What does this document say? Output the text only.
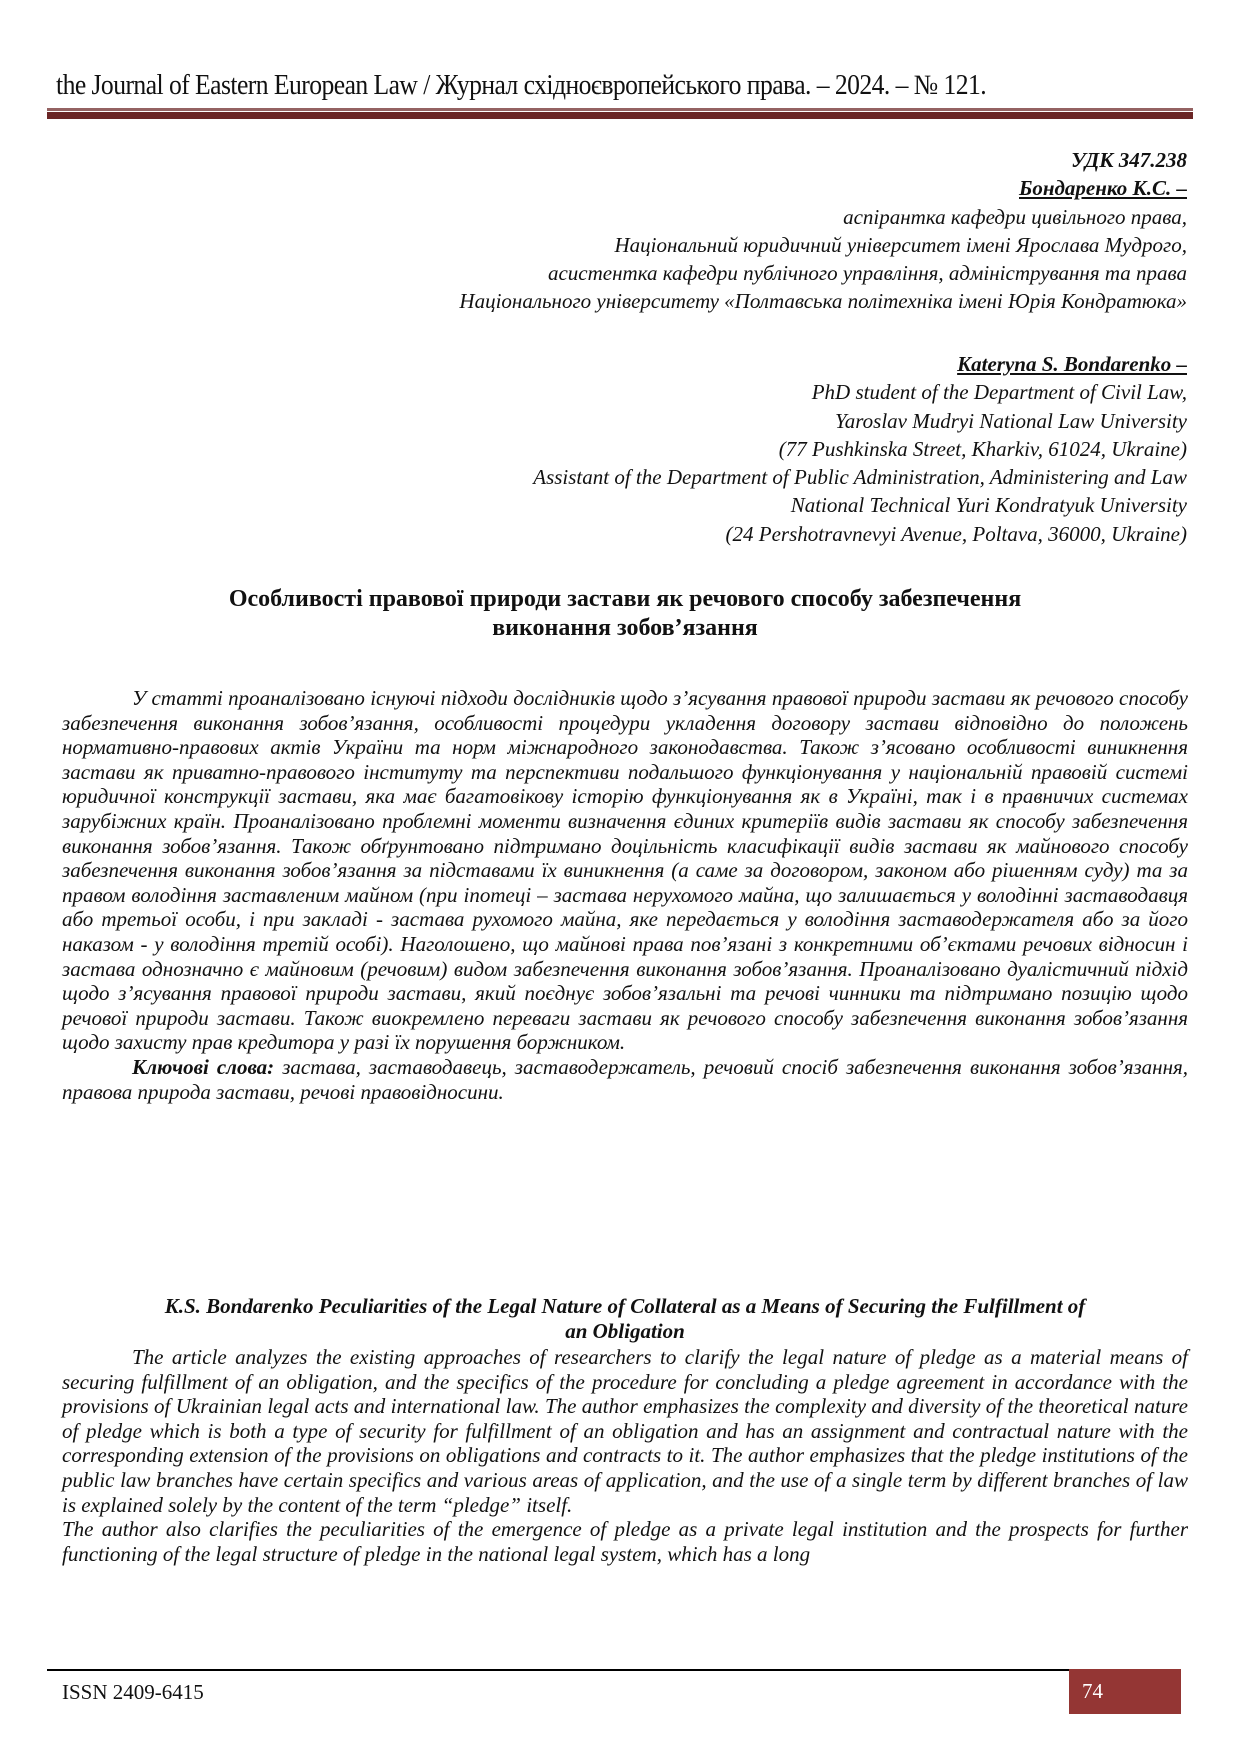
the Journal of Eastern European Law / Журнал східноєвропейського права. – 2024. – № 121.
УДК 347.238
Бондаренко К.С. –
аспірантка кафедри цивільного права,
Національний юридичний університет імені Ярослава Мудрого,
асистентка кафедри публічного управління, адміністрування та права
Національного університету «Полтавська політехніка імені Юрія Кондратюка»
Kateryna S. Bondarenko –
PhD student of the Department of Civil Law,
Yaroslav Mudryi National Law University
(77 Pushkinska Street, Kharkiv, 61024, Ukraine)
Assistant of the Department of Public Administration, Administering and Law
National Technical Yuri Kondratyuk University
(24 Pershotravnevyi Avenue, Poltava, 36000, Ukraine)
Особливості правової природи застави як речового способу забезпечення
виконання зобов’язання

У статті проаналізовано існуючі підходи дослідників щодо з’ясування правової природи застави як речового способу забезпечення виконання зобов’язання, особливості процедури укладення договору застави відповідно до положень нормативно-правових актів України та норм міжнародного законодавства. Також з’ясовано особливості виникнення застави як приватно-правового інституту та перспективи подальшого функціонування у національній правовій системі юридичної конструкції застави, яка має багатовікову історію функціонування як в Україні, так і в правничих системах зарубіжних країн. Проаналізовано проблемні моменти визначення єдиних критеріїв видів застави як способу забезпечення виконання зобов’язання. Також обґрунтовано підтримано доцільність класифікації видів застави як майнового способу забезпечення виконання зобов’язання за підставами їх виникнення (а саме за договором, законом або рішенням суду) та за правом володіння заставленим майном (при іпотеці – застава нерухомого майна, що залишається у володінні заставодавця або третьої особи, і при закладі - застава рухомого майна, яке передається у володіння заставодержателя або за його наказом - у володіння третій особі). Наголошено, що майнові права пов’язані з конкретними об’єктами речових відносин і застава однозначно є майновим (речовим) видом забезпечення виконання зобов’язання. Проаналізовано дуалістичний підхід щодо з’ясування правової природи застави, який поєднує зобов’язальні та речові чинники та підтримано позицію щодо речової природи застави. Також виокремлено переваги застави як речового способу забезпечення виконання зобов’язання щодо захисту прав кредитора у разі їх порушення боржником.

Ключові слова: застава, заставодавець, заставодержатель, речовий спосіб забезпечення виконання зобов’язання, правова природа застави, речові правовідносини.

K.S. Bondarenko Peculiarities of the Legal Nature of Collateral as a Means of Securing the Fulfillment of
an Obligation

The article analyzes the existing approaches of researchers to clarify the legal nature of pledge as a material means of securing fulfillment of an obligation, and the specifics of the procedure for concluding a pledge agreement in accordance with the provisions of Ukrainian legal acts and international law. The author emphasizes the complexity and diversity of the theoretical nature of pledge which is both a type of security for fulfillment of an obligation and has an assignment and contractual nature with the corresponding extension of the provisions on obligations and contracts to it. The author emphasizes that the pledge institutions of the public law branches have certain specifics and various areas of application, and the use of a single term by different branches of law is explained solely by the content of the term “pledge” itself.

The author also clarifies the peculiarities of the emergence of pledge as a private legal institution and the prospects for further functioning of the legal structure of pledge in the national legal system, which has a long

ISSN 2409-6415	74
